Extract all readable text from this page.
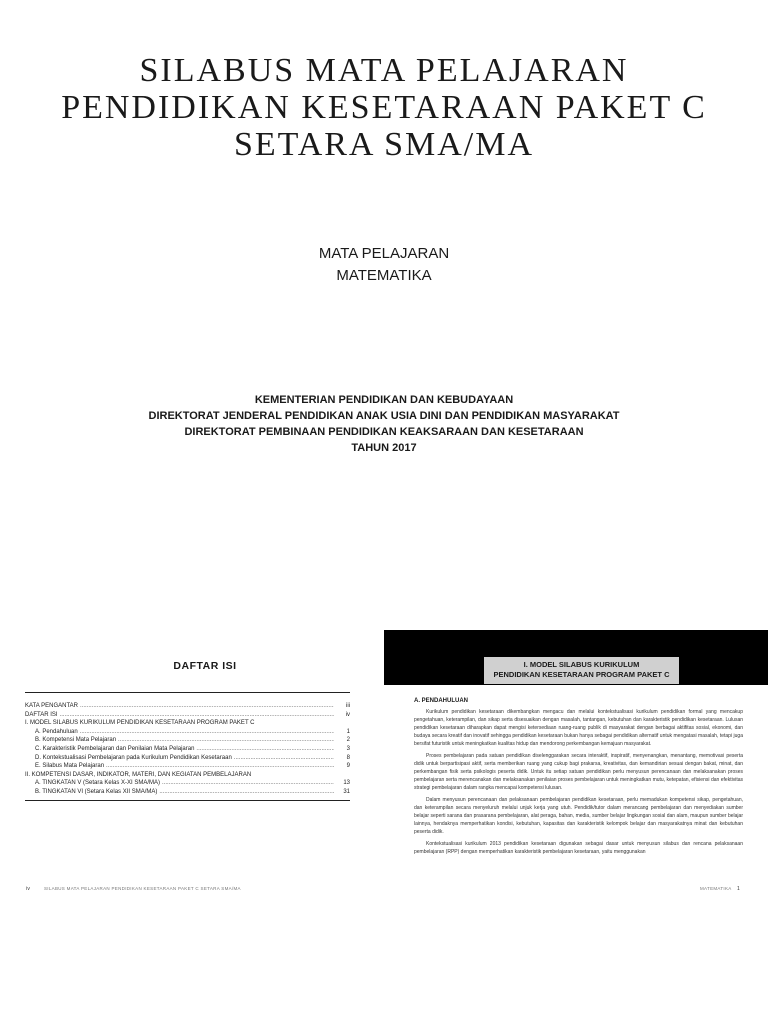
SILABUS MATA PELAJARAN
PENDIDIKAN KESETARAAN PAKET C
SETARA SMA/MA
MATA PELAJARAN
MATEMATIKA
KEMENTERIAN PENDIDIKAN DAN KEBUDAYAAN
DIREKTORAT JENDERAL PENDIDIKAN ANAK USIA DINI DAN PENDIDIKAN MASYARAKAT
DIREKTORAT PEMBINAAN PENDIDIKAN KEAKSARAAN DAN KESETARAAN
TAHUN 2017
DAFTAR ISI
KATA PENGANTAR .....	iii
DAFTAR ISI .....	iv
I. MODEL SILABUS KURIKULUM PENDIDIKAN KESETARAAN PROGRAM PAKET C
A. Pendahuluan .....	1
B. Kompetensi Mata Pelajaran .....	2
C. Karakteristik Pembelajaran dan Penilaian Mata Pelajaran .....	3
D. Kontekstualisasi Pembelajaran pada Kurikulum Pendidikan Kesetaraan .....	8
E. Silabus Mata Pelajaran .....	9
II. KOMPETENSI DASAR, INDIKATOR, MATERI, DAN KEGIATAN PEMBELAJARAN
A. TINGKATAN V (Setara Kelas X-XI SMA/MA) .....	13
B. TINGKATAN VI (Setara Kelas XII SMA/MA) .....	31
I. MODEL SILABUS KURIKULUM
PENDIDIKAN KESETARAAN PROGRAM PAKET C
A. PENDAHULUAN

Kurikulum pendidikan kesetaraan dikembangkan mengacu dan melalui kontekstualisasi kurikulum pendidikan formal yang mencakup pengetahuan, keterampilan, dan sikap serta disesuaikan dengan masalah, tantangan, kebutuhan dan karakteristik pendidikan kesetaraan. Lulusan pendidikan kesetaraan diharapkan dapat mengisi ketersediaan ruang-ruang publik di masyarakat dengan berbagai aktifitas sosial, ekonomi, dan budaya secara kreatif dan inovatif sehingga pendidikan kesetaraan bukan hanya sebagai pendidikan alternatif untuk mengatasi masalah, tetapi juga bersifat futuristik untuk meningkatkan kualitas hidup dan mendorong perkembangan kemajuan masyarakat.

Proses pembelajaran pada satuan pendidikan diselenggarakan secara interaktif, inspiratif, menyenangkan, menantang, memotivasi peserta didik untuk berpartisipasi aktif, serta memberikan ruang yang cukup bagi prakarsa, kreativitas, dan kemandirian sesuai dengan bakat, minat, dan perkembangan fisik serta psikologis peserta didik. Untuk itu setiap satuan pendidikan perlu menyusun perencanaan dan melaksanakan proses pembelajaran serta merencanakan dan melaksanakan penilaian proses pembelajaran untuk meningkatkan mutu, ketepatan, efisiensi dan efektivitas strategi pembelajaran dalam rangka mencapai kompetensi lulusan.

Dalam menyusun perencanaan dan pelaksanaan pembelajaran pendidikan kesetaraan, perlu memadukan kompetensi sikap, pengetahuan, dan keterampilan secara menyeluruh melalui unjuk kerja yang utuh. Pendidik/tutor dalam merancang pembelajaran dan menyediakan sumber belajar seperti sarana dan prasarana pembelajaran, alat peraga, bahan, media, sumber belajar lingkungan sosial dan alam, maupun sumber belajar lainnya, hendaknya memperhatikan kondisi, kebutuhan, kapasitas dan karakteristik kelompok belajar dan masyarakatnya minat dan kebutuhan peserta didik.

Kontekstualisasi kurikulum 2013 pendidikan kesetaraan digunakan sebagai dasar untuk menyusun silabus dan rencana pelaksanaan pembelajaran (RPP) dengan memperhatikan karakteristik pembelajaran kesetaraan, yaitu menggunakan

iv	SILABUS MATA PELAJARAN PENDIDIKAN KESETARAAN PAKET C SETARA SMA/MA	MATEMATIKA 1
